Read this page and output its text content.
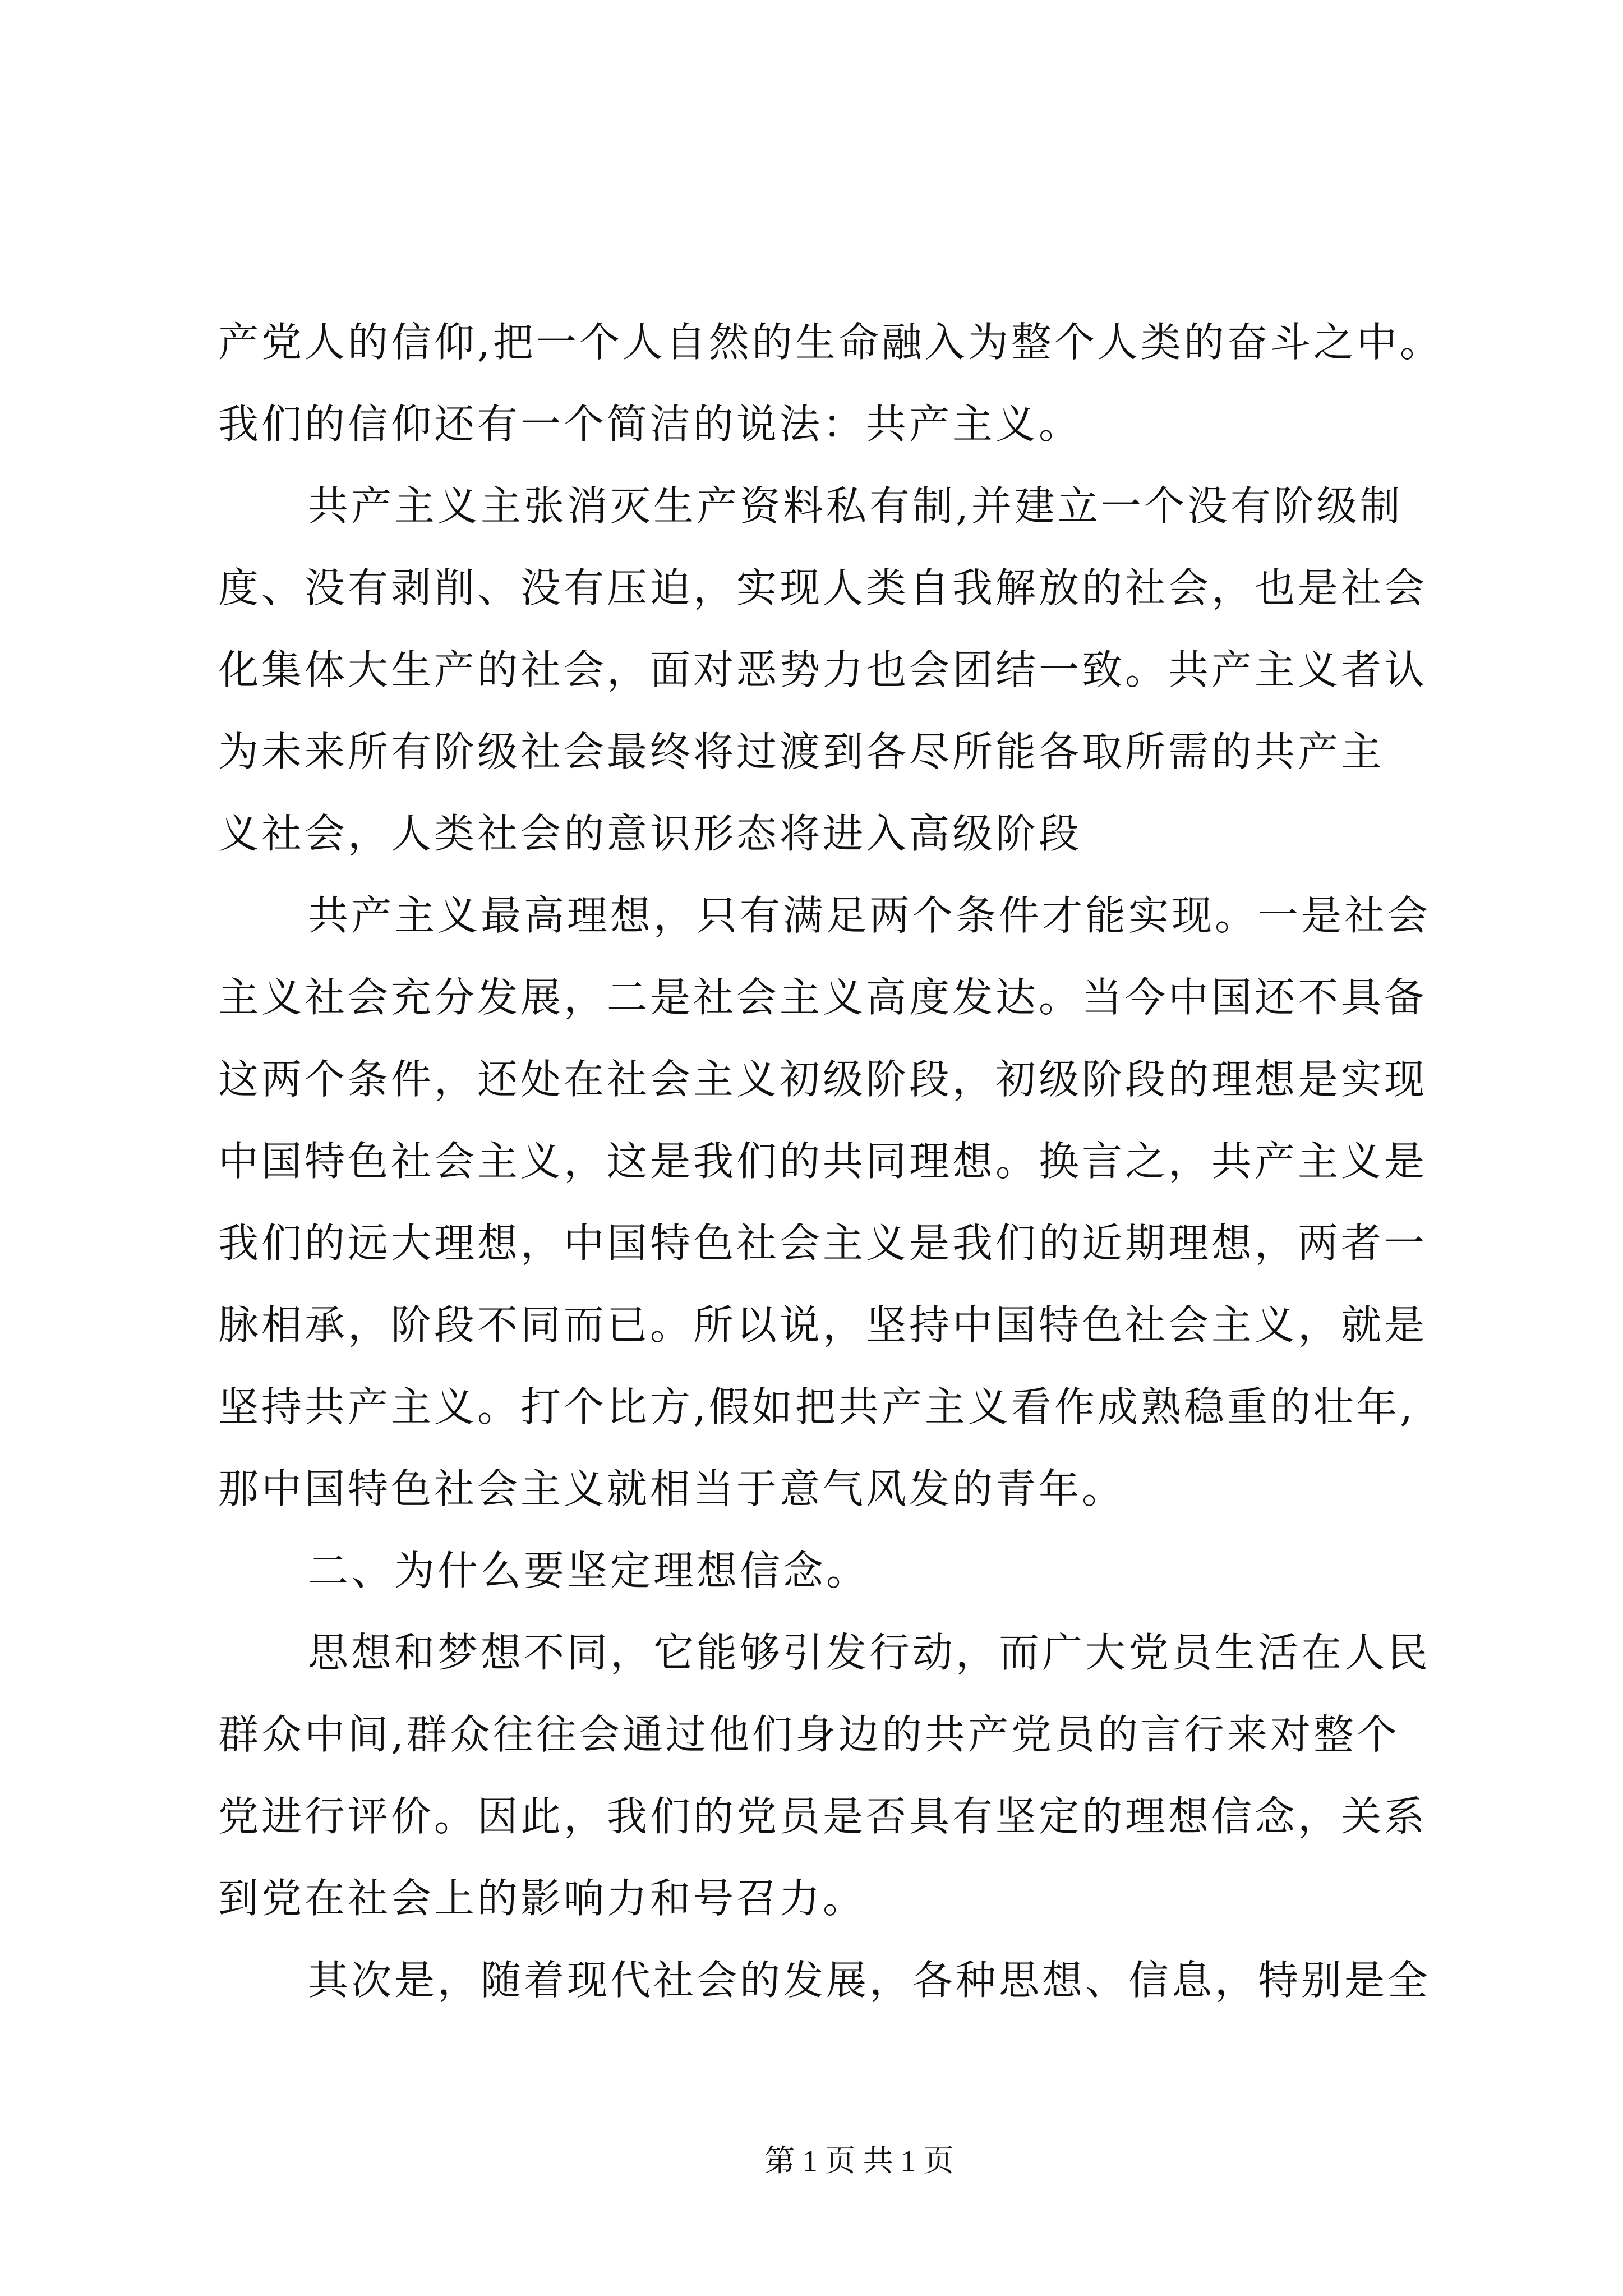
产党人的信仰,把一个人自然的生命融入为整个人类的奋斗之中。
我们的信仰还有一个简洁的说法：共产主义。
共产主义主张消灭生产资料私有制,并建立一个没有阶级制
度、没有剥削、没有压迫，实现人类自我解放的社会，也是社会
化集体大生产的社会，面对恶势力也会团结一致。共产主义者认
为未来所有阶级社会最终将过渡到各尽所能各取所需的共产主
义社会，人类社会的意识形态将进入高级阶段
共产主义最高理想，只有满足两个条件才能实现。一是社会
主义社会充分发展，二是社会主义高度发达。当今中国还不具备
这两个条件，还处在社会主义初级阶段，初级阶段的理想是实现
中国特色社会主义，这是我们的共同理想。换言之，共产主义是
我们的远大理想，中国特色社会主义是我们的近期理想，两者一
脉相承，阶段不同而已。所以说，坚持中国特色社会主义，就是
坚持共产主义。打个比方,假如把共产主义看作成熟稳重的壮年,
那中国特色社会主义就相当于意气风发的青年。
二、为什么要坚定理想信念。
思想和梦想不同，它能够引发行动，而广大党员生活在人民
群众中间,群众往往会通过他们身边的共产党员的言行来对整个
党进行评价。因此，我们的党员是否具有坚定的理想信念，关系
到党在社会上的影响力和号召力。
其次是，随着现代社会的发展，各种思想、信息，特别是全
第 1 页 共 1 页
